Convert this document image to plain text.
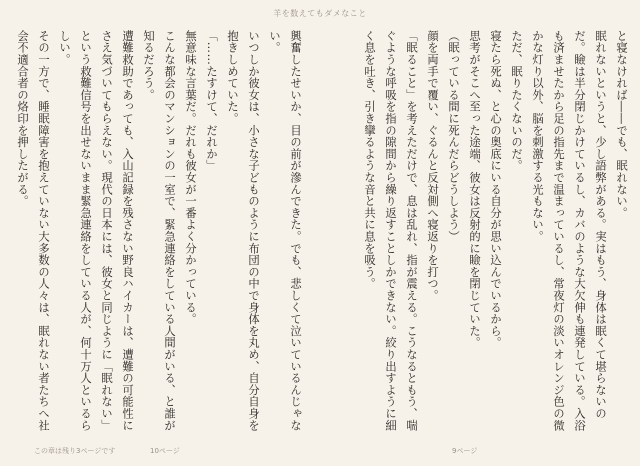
羊を数えてもダメなこと

と寝なければ――でも、眠れない。

眠れないというと、少し語弊がある。実はもう、身体は眠くて堪らないのだ。瞼は半分閉じかけているし、カバのような大欠伸も連発している。入浴も済ませたから足の指先まで温まっているし、常夜灯の淡いオレンジ色の微かな灯り以外、脳を刺激する光もない。

ただ、眠りたくないのだ。

寝たら死ぬ、と心の奥底にいる自分が思い込んでいるから。

思考がそこへ至った途端、彼女は反射的に瞼を閉じていた。

（眠っている間に死んだらどうしよう）

顔を両手で覆い、ぐるんと反対側へ寝返りを打つ。

「眠ること」を考えただけで、息は乱れ、指が震える。こうなるともう、喘ぐような呼吸を指の隙間から繰り返すことしかできない。絞り出すように細く息を吐き、引き攣るような音と共に息を吸う。

興奮したせいか、目の前が滲んできた。でも、悲しくて泣いているんじゃない。

いつしか彼女は、小さな子どものように布団の中で身体を丸め、自分自身を抱きしめていた。

「……たすけて、だれか」

無意味な言葉だ。だれも彼女が一番よく分かっている。

こんな都会のマンションの一室で、緊急連絡をしている人間がいる、と誰が知るだろう。

遭難救助であっても、入山記録を残さない野良ハイカーは、遭難の可能性にさえ気づいてもらえない。現代の日本には、彼女と同じように「眠れない」という救難信号を出せないまま緊急連絡をしている人が、何十万人といるらしい。

その一方で、睡眠障害を抱えていない大多数の人々は、眠れない者たちへ社会不適合者の烙印を押したがる。

この章は残り3ページです	10ページ	9ページ
